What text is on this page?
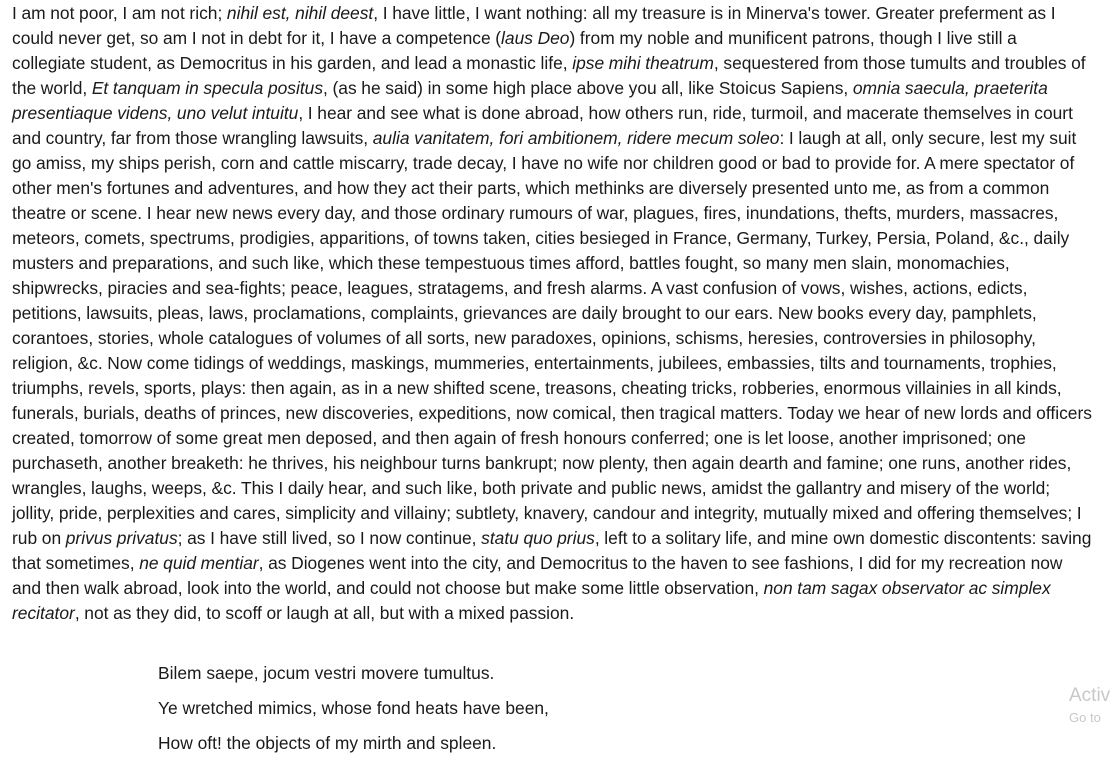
I am not poor, I am not rich; nihil est, nihil deest, I have little, I want nothing: all my treasure is in Minerva's tower. Greater preferment as I could never get, so am I not in debt for it, I have a competence (laus Deo) from my noble and munificent patrons, though I live still a collegiate student, as Democritus in his garden, and lead a monastic life, ipse mihi theatrum, sequestered from those tumults and troubles of the world, Et tanquam in specula positus, (as he said) in some high place above you all, like Stoicus Sapiens, omnia saecula, praeterita presentiaque videns, uno velut intuitu, I hear and see what is done abroad, how others run, ride, turmoil, and macerate themselves in court and country, far from those wrangling lawsuits, aulia vanitatem, fori ambitionem, ridere mecum soleo: I laugh at all, only secure, lest my suit go amiss, my ships perish, corn and cattle miscarry, trade decay, I have no wife nor children good or bad to provide for. A mere spectator of other men's fortunes and adventures, and how they act their parts, which methinks are diversely presented unto me, as from a common theatre or scene. I hear new news every day, and those ordinary rumours of war, plagues, fires, inundations, thefts, murders, massacres, meteors, comets, spectrums, prodigies, apparitions, of towns taken, cities besieged in France, Germany, Turkey, Persia, Poland, &c., daily musters and preparations, and such like, which these tempestuous times afford, battles fought, so many men slain, monomachies, shipwrecks, piracies and sea-fights; peace, leagues, stratagems, and fresh alarms. A vast confusion of vows, wishes, actions, edicts, petitions, lawsuits, pleas, laws, proclamations, complaints, grievances are daily brought to our ears. New books every day, pamphlets, corantoes, stories, whole catalogues of volumes of all sorts, new paradoxes, opinions, schisms, heresies, controversies in philosophy, religion, &c. Now come tidings of weddings, maskings, mummeries, entertainments, jubilees, embassies, tilts and tournaments, trophies, triumphs, revels, sports, plays: then again, as in a new shifted scene, treasons, cheating tricks, robberies, enormous villainies in all kinds, funerals, burials, deaths of princes, new discoveries, expeditions, now comical, then tragical matters. Today we hear of new lords and officers created, tomorrow of some great men deposed, and then again of fresh honours conferred; one is let loose, another imprisoned; one purchaseth, another breaketh: he thrives, his neighbour turns bankrupt; now plenty, then again dearth and famine; one runs, another rides, wrangles, laughs, weeps, &c. This I daily hear, and such like, both private and public news, amidst the gallantry and misery of the world; jollity, pride, perplexities and cares, simplicity and villainy; subtlety, knavery, candour and integrity, mutually mixed and offering themselves; I rub on privus privatus; as I have still lived, so I now continue, statu quo prius, left to a solitary life, and mine own domestic discontents: saving that sometimes, ne quid mentiar, as Diogenes went into the city, and Democritus to the haven to see fashions, I did for my recreation now and then walk abroad, look into the world, and could not choose but make some little observation, non tam sagax observator ac simplex recitator, not as they did, to scoff or laugh at all, but with a mixed passion.

Bilem saepe, jocum vestri movere tumultus.

Ye wretched mimics, whose fond heats have been,

How oft! the objects of my mirth and spleen.

Activ
Go to
